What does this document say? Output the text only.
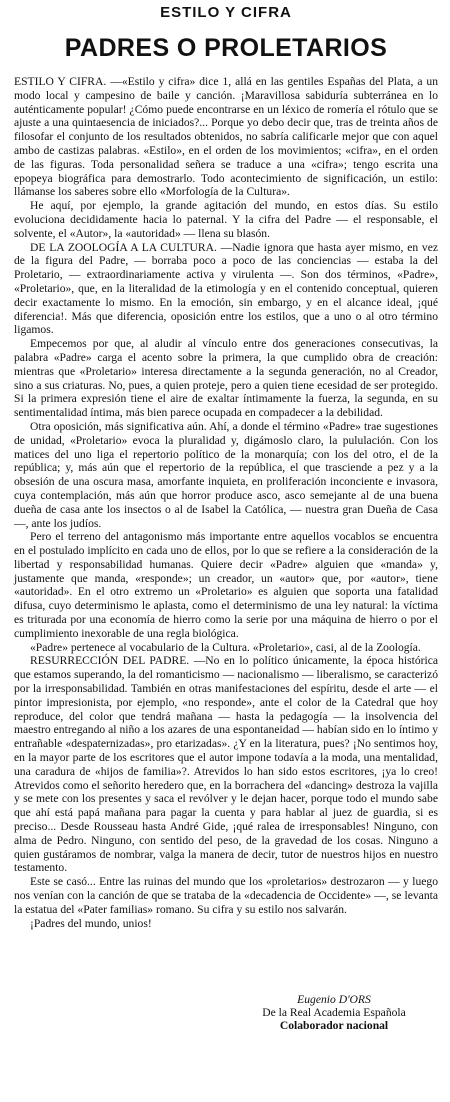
ESTILO Y CIFRA
PADRES O PROLETARIOS

ESTILO Y CIFRA. —«Estilo y cifra» dice 1, allá en las gentiles Españas del Plata, a un modo local y campesino de baile y canción. ¡Maravillosa sabiduría subterránea en lo auténticamente popular! ¿Cómo puede encontrarse en un léxico de romería el rótulo que se ajuste a una quintaesencia de iniciados?... Porque yo debo decir que, tras de treinta años de filosofar el conjunto de los resultados obtenidos, no sabría calificarle mejor que con aquel ambo de castizas palabras. «Estilo», en el orden de los movimientos; «cifra», en el orden de las figuras. Toda personalidad señera se traduce a una «cifra»; tengo escrita una epopeya biográfica para demostrarlo. Todo acontecimiento de significación, un estilo: llámanse los saberes sobre ello «Morfología de la Cultura».

He aquí, por ejemplo, la grande agitación del mundo, en estos días. Su estilo evoluciona decididamente hacia lo paternal. Y la cifra del Padre — el responsable, el solvente, el «Autor», la «autoridad» — llena su blasón.

DE LA ZOOLOGÍA A LA CULTURA. —Nadie ignora que hasta ayer mismo, en vez de la figura del Padre, — borraba poco a poco de las conciencias — estaba la del Proletario, — extraordinariamente activa y virulenta —. Son dos términos, «Padre», «Proletario», que, en la literalidad de la etimología y en el contenido conceptual, quieren decir exactamente lo mismo. En la emoción, sin embargo, y en el alcance ideal, ¡qué diferencia!. Más que diferencia, oposición entre los estilos, que a uno o al otro término ligamos.

Empecemos por que, al aludir al vínculo entre dos generaciones consecutivas, la palabra «Padre» carga el acento sobre la primera, la que cumplido obra de creación: mientras que «Proletario» interesa directamente a la segunda generación, no al Creador, sino a sus criaturas. No, pues, a quien proteje, pero a quien tiene ecesidad de ser protegido. Si la primera expresión tiene el aire de exaltar íntimamente la fuerza, la segunda, en su sentimentalidad íntima, más bien parece ocupada en compadecer a la debilidad.

Otra oposición, más significativa aún. Ahí, a donde el término «Padre» trae sugestiones de unidad, «Proletario» evoca la pluralidad y, digámoslo claro, la pululación. Con los matices del uno liga el repertorio político de la monarquía; con los del otro, el de la república; y, más aún que el repertorio de la república, el que trasciende a pez y a la obsesión de una oscura masa, amorfante inquieta, en proliferación inconciente e invasora, cuya contemplación, más aún que horror produce asco, asco semejante al de una buena dueña de casa ante los insectos o al de Isabel la Católica, — nuestra gran Dueña de Casa —, ante los judíos.

Pero el terreno del antagonismo más importante entre aquellos vocablos se encuentra en el postulado implícito en cada uno de ellos, por lo que se refiere a la consideración de la libertad y responsabilidad humanas. Quiere decir «Padre» alguien que «manda» y, justamente que manda, «responde»; un creador, un «autor» que, por «autor», tiene «autoridad». En el otro extremo un «Proletario» es alguien que soporta una fatalidad difusa, cuyo determinismo le aplasta, como el determinismo de una ley natural: la víctima es triturada por una economía de hierro como la serie por una máquina de hierro o por el cumplimiento inexorable de una regla biológica.

«Padre» pertenece al vocabulario de la Cultura. «Proletario», casi, al de la Zoología.

RESURRECCIÓN DEL PADRE. —No en lo político únicamente, la época histórica que estamos superando, la del romanticismo — nacionalismo — liberalismo, se caracterizó por la irresponsabilidad. También en otras manifestaciones del espíritu, desde el arte — el pintor impresionista, por ejemplo, «no responde», ante el color de la Catedral que hoy reproduce, del color que tendrá mañana — hasta la pedagogía — la insolvencia del maestro entregando al niño a los azares de una espontaneidad — habían sido en lo íntimo y entrañable «despaternizadas», pro etarizadas». ¿Y en la literatura, pues? ¡No sentimos hoy, en la mayor parte de los escritores que el autor impone todavía a la moda, una mentalidad, una caradura de «hijos de familia»?. Atrevidos lo han sido estos escritores, ¡ya lo creo! Atrevidos como el señorito heredero que, en la borrachera del «dancing» destroza la vajilla y se mete con los presentes y saca el revólver y le dejan hacer, porque todo el mundo sabe que ahí está papá mañana para pagar la cuenta y para hablar al juez de guardia, si es preciso... Desde Rousseau hasta André Gide, ¡qué ralea de irresponsables! Ninguno, con alma de Pedro. Ninguno, con sentido del peso, de la gravedad de los cosas. Ninguno a quien gustáramos de nombrar, valga la manera de decir, tutor de nuestros hijos en nuestro testamento.

Este se casó... Entre las ruinas del mundo que los «proletarios» destrozaron — y luego nos venían con la canción de que se trataba de la «decadencia de Occidente» —, se levanta la estatua del «Pater familias» romano. Su cifra y su estilo nos salvarán.

¡Padres del mundo, unios!

Eugenio D'ORS
De la Real Academia Española
Colaborador nacional
